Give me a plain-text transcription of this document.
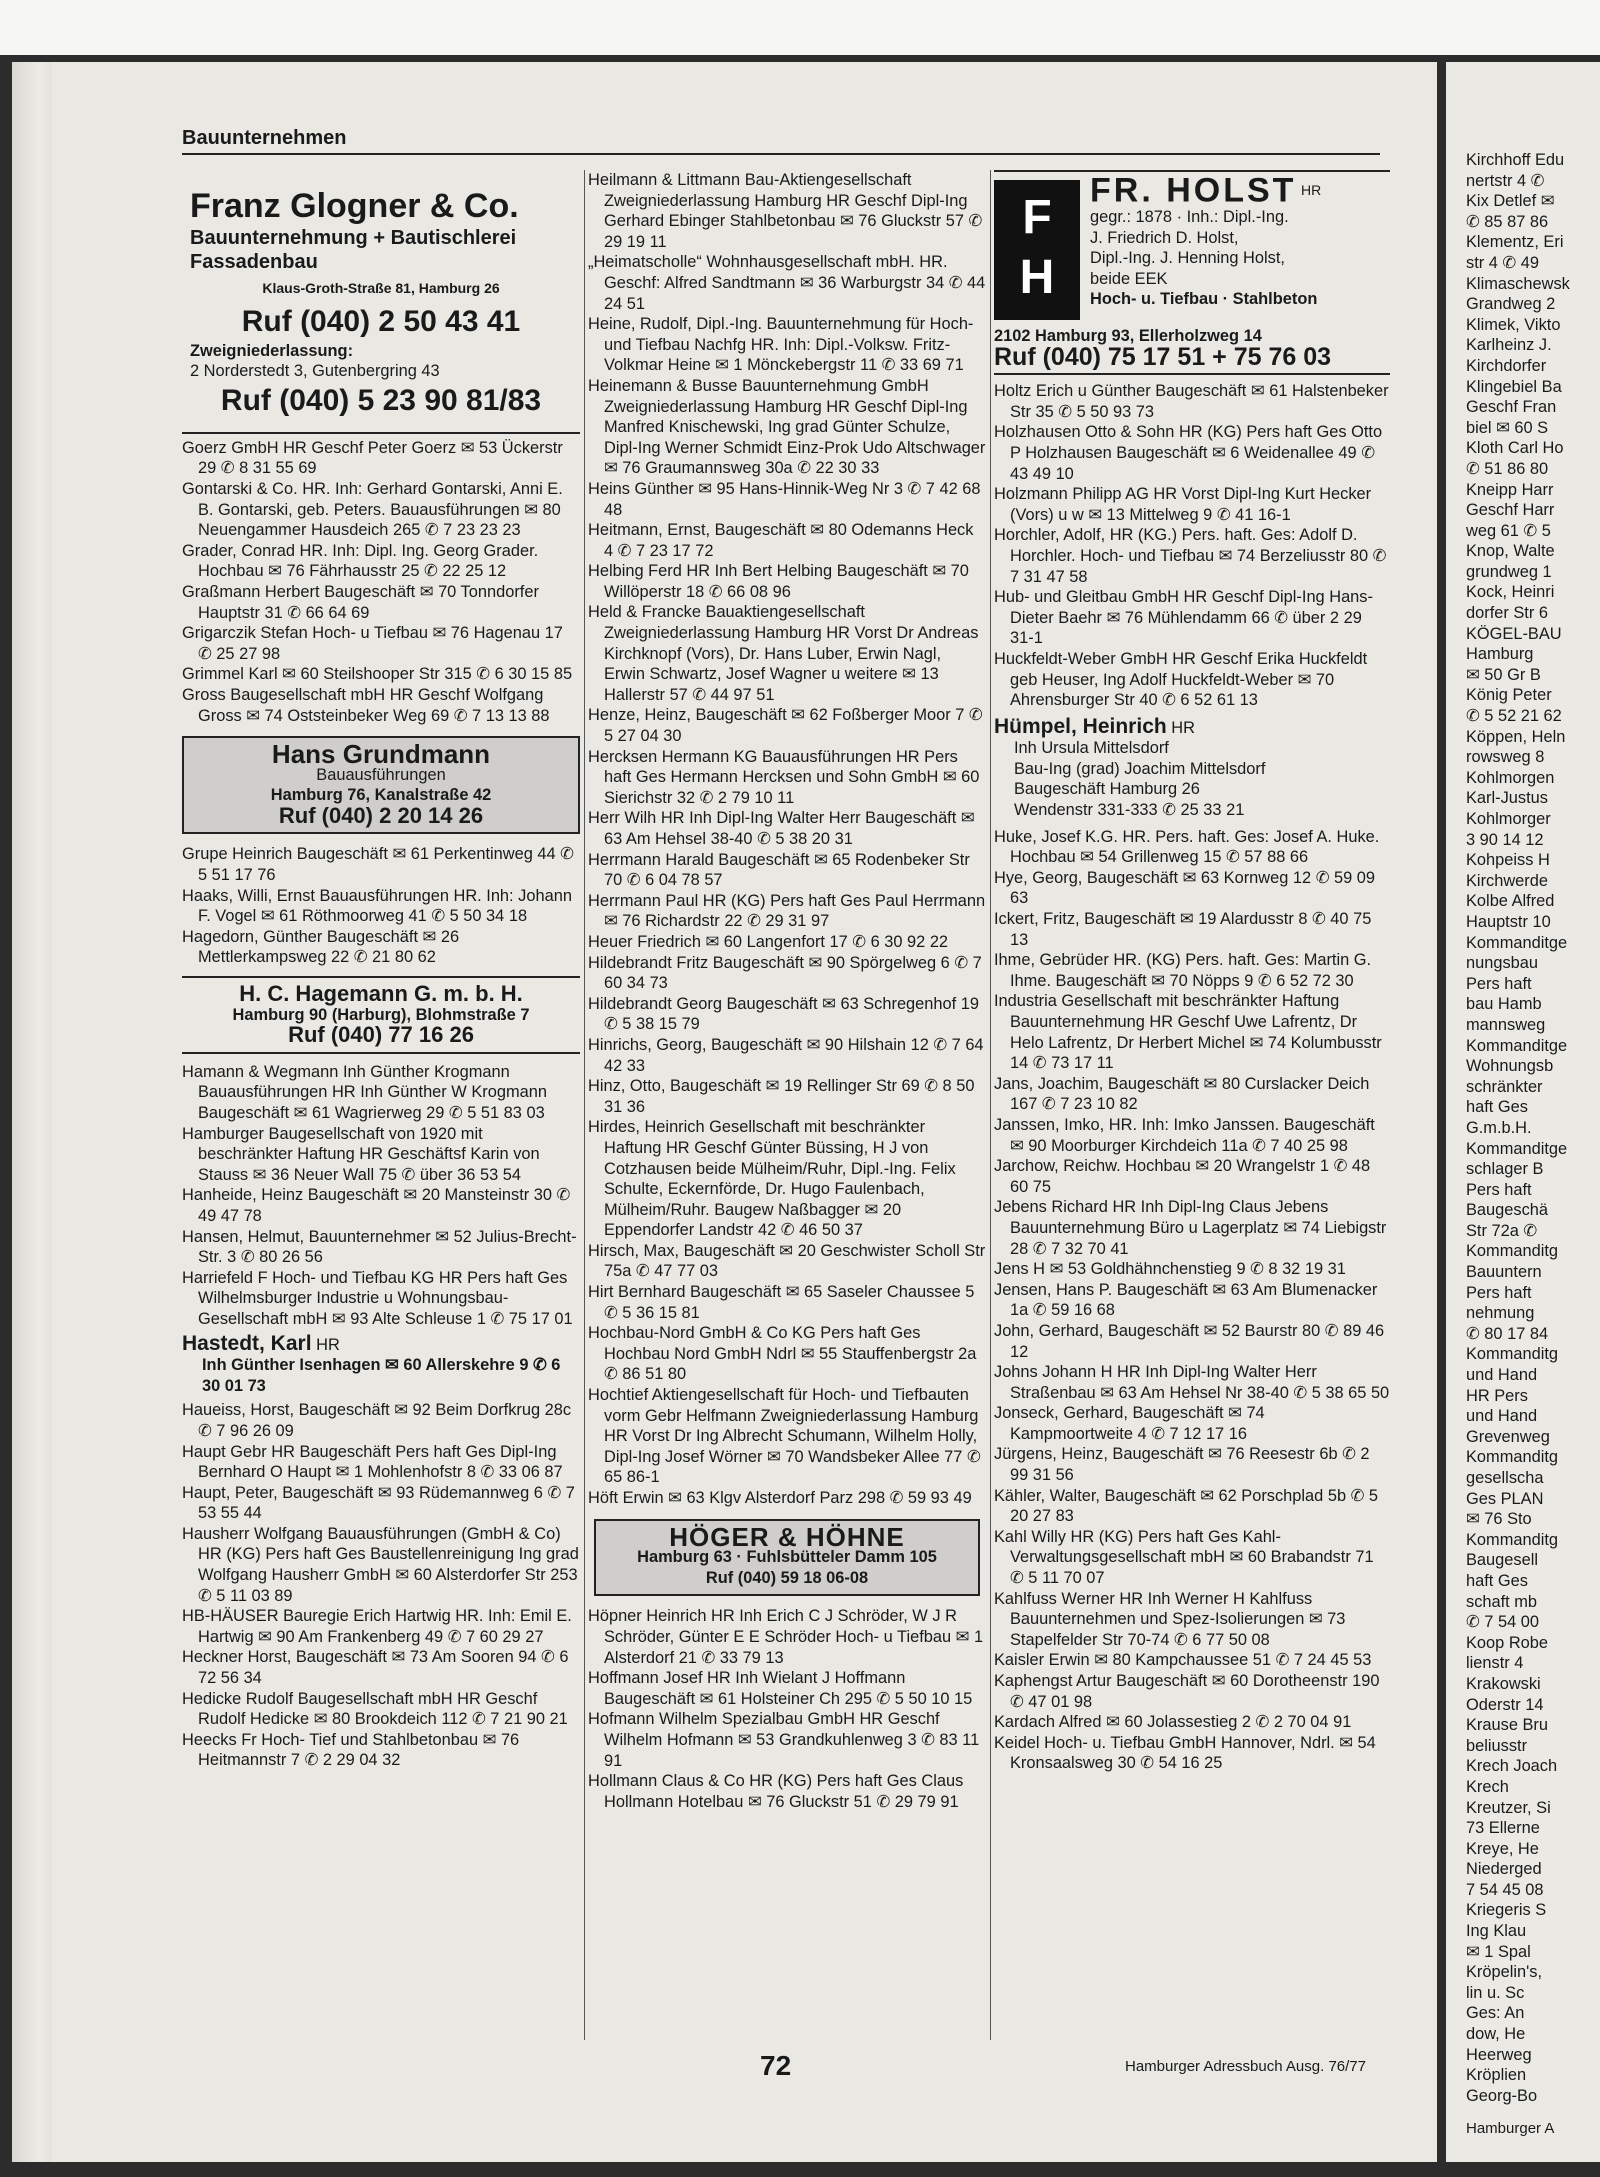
Bauunternehmen
Franz Glogner & Co.
Bauunternehmung + Bautischlerei
Fassadenbau
Klaus-Groth-Straße 81, Hamburg 26
Ruf (040) 2 50 43 41
Zweigniederlassung:
2 Norderstedt 3, Gutenbergring 43
Ruf (040) 5 23 90 81/83
Goerz GmbH HR Geschf Peter Goerz ✉ 53 Ückerstr 29 ✆ 8 31 55 69
Gontarski & Co. HR. Inh: Gerhard Gontarski, Anni E. B. Gontarski, geb. Peters. Bauausführungen ✉ 80 Neuengammer Hausdeich 265 ✆ 7 23 23 23
Grader, Conrad HR. Inh: Dipl. Ing. Georg Grader. Hochbau ✉ 76 Fährhausstr 25 ✆ 22 25 12
Graßmann Herbert Baugeschäft ✉ 70 Tonndorfer Hauptstr 31 ✆ 66 64 69
Grigarczik Stefan Hoch- u Tiefbau ✉ 76 Hagenau 17 ✆ 25 27 98
Grimmel Karl ✉ 60 Steilshooper Str 315 ✆ 6 30 15 85
Gross Baugesellschaft mbH HR Geschf Wolfgang Gross ✉ 74 Oststeinbeker Weg 69 ✆ 7 13 13 88
Hans Grundmann
Bauausführungen
Hamburg 76, Kanalstraße 42
Ruf (040) 2 20 14 26
Grupe Heinrich Baugeschäft ✉ 61 Perkentinweg 44 ✆ 5 51 17 76
Haaks, Willi, Ernst Bauausführungen HR. Inh: Johann F. Vogel ✉ 61 Röthmoorweg 41 ✆ 5 50 34 18
Hagedorn, Günther Baugeschäft ✉ 26 Mettlerkampsweg 22 ✆ 21 80 62
H. C. Hagemann G. m. b. H.
Hamburg 90 (Harburg), Blohmstraße 7
Ruf (040) 77 16 26
Hamann & Wegmann Inh Günther Krogmann Bauausführungen HR Inh Günther W Krogmann Baugeschäft ✉ 61 Wagrierweg 29 ✆ 5 51 83 03
Hamburger Baugesellschaft von 1920 mit beschränkter Haftung HR Geschäftsf Karin von Stauss ✉ 36 Neuer Wall 75 ✆ über 36 53 54
Hanheide, Heinz Baugeschäft ✉ 20 Mansteinstr 30 ✆ 49 47 78
Hansen, Helmut, Bauunternehmer ✉ 52 Julius-Brecht-Str. 3 ✆ 80 26 56
Harriefeld F Hoch- und Tiefbau KG HR Pers haft Ges Wilhelmsburger Industrie u Wohnungsbau-Gesellschaft mbH ✉ 93 Alte Schleuse 1 ✆ 75 17 01
Hastedt, Karl HR
Inh Günther Isenhagen ✉ 60 Allerskehre 9 ✆ 6 30 01 73
Haueiss, Horst, Baugeschäft ✉ 92 Beim Dorfkrug 28c ✆ 7 96 26 09
Haupt Gebr HR Baugeschäft Pers haft Ges Dipl-Ing Bernhard O Haupt ✉ 1 Mohlenhofstr 8 ✆ 33 06 87
Haupt, Peter, Baugeschäft ✉ 93 Rüdemannweg 6 ✆ 7 53 55 44
Hausherr Wolfgang Bauausführungen (GmbH & Co) HR (KG) Pers haft Ges Baustellenreinigung Ing grad Wolfgang Hausherr GmbH ✉ 60 Alsterdorfer Str 253 ✆ 5 11 03 89
HB-HÄUSER Bauregie Erich Hartwig HR. Inh: Emil E. Hartwig ✉ 90 Am Frankenberg 49 ✆ 7 60 29 27
Heckner Horst, Baugeschäft ✉ 73 Am Sooren 94 ✆ 6 72 56 34
Hedicke Rudolf Baugesellschaft mbH HR Geschf Rudolf Hedicke ✉ 80 Brookdeich 112 ✆ 7 21 90 21
Heecks Fr Hoch- Tief und Stahlbetonbau ✉ 76 Heitmannstr 7 ✆ 2 29 04 32
Heilmann & Littmann Bau-Aktiengesellschaft Zweigniederlassung Hamburg HR Geschf Dipl-Ing Gerhard Ebinger Stahlbetonbau ✉ 76 Gluckstr 57 ✆ 29 19 11
„Heimatscholle“ Wohnhausgesellschaft mbH. HR. Geschf: Alfred Sandtmann ✉ 36 Warburgstr 34 ✆ 44 24 51
Heine, Rudolf, Dipl.-Ing. Bauunternehmung für Hoch- und Tiefbau Nachfg HR. Inh: Dipl.-Volksw. Fritz-Volkmar Heine ✉ 1 Mönckebergstr 11 ✆ 33 69 71
Heinemann & Busse Bauunternehmung GmbH Zweigniederlassung Hamburg HR Geschf Dipl-Ing Manfred Knischewski, Ing grad Günter Schulze, Dipl-Ing Werner Schmidt Einz-Prok Udo Altschwager ✉ 76 Graumannsweg 30a ✆ 22 30 33
Heins Günther ✉ 95 Hans-Hinnik-Weg Nr 3 ✆ 7 42 68 48
Heitmann, Ernst, Baugeschäft ✉ 80 Odemanns Heck 4 ✆ 7 23 17 72
Helbing Ferd HR Inh Bert Helbing Baugeschäft ✉ 70 Willöperstr 18 ✆ 66 08 96
Held & Francke Bauaktiengesellschaft Zweigniederlassung Hamburg HR Vorst Dr Andreas Kirchknopf (Vors), Dr. Hans Luber, Erwin Nagl, Erwin Schwartz, Josef Wagner u weitere ✉ 13 Hallerstr 57 ✆ 44 97 51
Henze, Heinz, Baugeschäft ✉ 62 Foßberger Moor 7 ✆ 5 27 04 30
Hercksen Hermann KG Bauausführungen HR Pers haft Ges Hermann Hercksen und Sohn GmbH ✉ 60 Sierichstr 32 ✆ 2 79 10 11
Herr Wilh HR Inh Dipl-Ing Walter Herr Baugeschäft ✉ 63 Am Hehsel 38-40 ✆ 5 38 20 31
Herrmann Harald Baugeschäft ✉ 65 Rodenbeker Str 70 ✆ 6 04 78 57
Herrmann Paul HR (KG) Pers haft Ges Paul Herrmann ✉ 76 Richardstr 22 ✆ 29 31 97
Heuer Friedrich ✉ 60 Langenfort 17 ✆ 6 30 92 22
Hildebrandt Fritz Baugeschäft ✉ 90 Spörgelweg 6 ✆ 7 60 34 73
Hildebrandt Georg Baugeschäft ✉ 63 Schregenhof 19 ✆ 5 38 15 79
Hinrichs, Georg, Baugeschäft ✉ 90 Hilshain 12 ✆ 7 64 42 33
Hinz, Otto, Baugeschäft ✉ 19 Rellinger Str 69 ✆ 8 50 31 36
Hirdes, Heinrich Gesellschaft mit beschränkter Haftung HR Geschf Günter Büssing, H J von Cotzhausen beide Mülheim/Ruhr, Dipl.-Ing. Felix Schulte, Eckernförde, Dr. Hugo Faulenbach, Mülheim/Ruhr. Baugew Naßbagger ✉ 20 Eppendorfer Landstr 42 ✆ 46 50 37
Hirsch, Max, Baugeschäft ✉ 20 Geschwister Scholl Str 75a ✆ 47 77 03
Hirt Bernhard Baugeschäft ✉ 65 Saseler Chaussee 5 ✆ 5 36 15 81
Hochbau-Nord GmbH & Co KG Pers haft Ges Hochbau Nord GmbH Ndrl ✉ 55 Stauffenbergstr 2a ✆ 86 51 80
Hochtief Aktiengesellschaft für Hoch- und Tiefbauten vorm Gebr Helfmann Zweigniederlassung Hamburg HR Vorst Dr Ing Albrecht Schumann, Wilhelm Holly, Dipl-Ing Josef Wörner ✉ 70 Wandsbeker Allee 77 ✆ 65 86-1
Höft Erwin ✉ 63 Klgv Alsterdorf Parz 298 ✆ 59 93 49
HÖGER & HÖHNE
Hamburg 63 · Fuhlsbütteler Damm 105
Ruf (040) 59 18 06-08
Höpner Heinrich HR Inh Erich C J Schröder, W J R Schröder, Günter E E Schröder Hoch- u Tiefbau ✉ 1 Alsterdorf 21 ✆ 33 79 13
Hoffmann Josef HR Inh Wielant J Hoffmann Baugeschäft ✉ 61 Holsteiner Ch 295 ✆ 5 50 10 15
Hofmann Wilhelm Spezialbau GmbH HR Geschf Wilhelm Hofmann ✉ 53 Grandkuhlenweg 3 ✆ 83 11 91
Hollmann Claus & Co HR (KG) Pers haft Ges Claus Hollmann Hotelbau ✉ 76 Gluckstr 51 ✆ 29 79 91
F
H
FR. HOLST $^{HR}$
gegr.: 1878 · Inh.: Dipl.-Ing.
J. Friedrich D. Holst,
Dipl.-Ing. J. Henning Holst,
beide EEK
Hoch- u. Tiefbau · Stahlbeton
2102 Hamburg 93, Ellerholzweg 14
Ruf (040) 75 17 51 + 75 76 03
Holtz Erich u Günther Baugeschäft ✉ 61 Halstenbeker Str 35 ✆ 5 50 93 73
Holzhausen Otto & Sohn HR (KG) Pers haft Ges Otto P Holzhausen Baugeschäft ✉ 6 Weidenallee 49 ✆ 43 49 10
Holzmann Philipp AG HR Vorst Dipl-Ing Kurt Hecker (Vors) u w ✉ 13 Mittelweg 9 ✆ 41 16-1
Horchler, Adolf, HR (KG.) Pers. haft. Ges: Adolf D. Horchler. Hoch- und Tiefbau ✉ 74 Berzeliusstr 80 ✆ 7 31 47 58
Hub- und Gleitbau GmbH HR Geschf Dipl-Ing Hans-Dieter Baehr ✉ 76 Mühlendamm 66 ✆ über 2 29 31-1
Huckfeldt-Weber GmbH HR Geschf Erika Huckfeldt geb Heuser, Ing Adolf Huckfeldt-Weber ✉ 70 Ahrensburger Str 40 ✆ 6 52 61 13
Hümpel, Heinrich HR
Inh Ursula Mittelsdorf
Bau-Ing (grad) Joachim Mittelsdorf
Baugeschäft Hamburg 26
Wendenstr 331-333 ✆ 25 33 21
Huke, Josef K.G. HR. Pers. haft. Ges: Josef A. Huke. Hochbau ✉ 54 Grillenweg 15 ✆ 57 88 66
Hye, Georg, Baugeschäft ✉ 63 Kornweg 12 ✆ 59 09 63
Ickert, Fritz, Baugeschäft ✉ 19 Alardusstr 8 ✆ 40 75 13
Ihme, Gebrüder HR. (KG) Pers. haft. Ges: Martin G. Ihme. Baugeschäft ✉ 70 Nöpps 9 ✆ 6 52 72 30
Industria Gesellschaft mit beschränkter Haftung Bauunternehmung HR Geschf Uwe Lafrentz, Dr Helo Lafrentz, Dr Herbert Michel ✉ 74 Kolumbusstr 14 ✆ 73 17 11
Jans, Joachim, Baugeschäft ✉ 80 Curslacker Deich 167 ✆ 7 23 10 82
Janssen, Imko, HR. Inh: Imko Janssen. Baugeschäft ✉ 90 Moorburger Kirchdeich 11a ✆ 7 40 25 98
Jarchow, Reichw. Hochbau ✉ 20 Wrangelstr 1 ✆ 48 60 75
Jebens Richard HR Inh Dipl-Ing Claus Jebens Bauunternehmung Büro u Lagerplatz ✉ 74 Liebigstr 28 ✆ 7 32 70 41
Jens H ✉ 53 Goldhähnchenstieg 9 ✆ 8 32 19 31
Jensen, Hans P. Baugeschäft ✉ 63 Am Blumenacker 1a ✆ 59 16 68
John, Gerhard, Baugeschäft ✉ 52 Baurstr 80 ✆ 89 46 12
Johns Johann H HR Inh Dipl-Ing Walter Herr Straßenbau ✉ 63 Am Hehsel Nr 38-40 ✆ 5 38 65 50
Jonseck, Gerhard, Baugeschäft ✉ 74 Kampmoortweite 4 ✆ 7 12 17 16
Jürgens, Heinz, Baugeschäft ✉ 76 Reesestr 6b ✆ 2 99 31 56
Kähler, Walter, Baugeschäft ✉ 62 Porschplad 5b ✆ 5 20 27 83
Kahl Willy HR (KG) Pers haft Ges Kahl-Verwaltungsgesellschaft mbH ✉ 60 Brabandstr 71 ✆ 5 11 70 07
Kahlfuss Werner HR Inh Werner H Kahlfuss Bauunternehmen und Spez-Isolierungen ✉ 73 Stapelfelder Str 70-74 ✆ 6 77 50 08
Kaisler Erwin ✉ 80 Kampchaussee 51 ✆ 7 24 45 53
Kaphengst Artur Baugeschäft ✉ 60 Dorotheenstr 190 ✆ 47 01 98
Kardach Alfred ✉ 60 Jolassestieg 2 ✆ 2 70 04 91
Keidel Hoch- u. Tiefbau GmbH Hannover, Ndrl. ✉ 54 Kronsaalsweg 30 ✆ 54 16 25
72	Hamburger Adressbuch Ausg. 76/77
Kirchhoff Edu
nertstr 4 ✆
Kix Detlef ✉
✆ 85 87 86
Klementz, Eri
str 4 ✆ 49
Klimaschewsk
Grandweg 2
Klimek, Vikto
Karlheinz J.
Kirchdorfer
Klingebiel Ba
Geschf Fran
biel ✉ 60 S
Kloth Carl Ho
✆ 51 86 80
Kneipp Harr
Geschf Harr
weg 61 ✆ 5
Knop, Walte
grundweg 1
Kock, Heinri
dorfer Str 6
KÖGEL-BAU
Hamburg
✉ 50 Gr B
König Peter
✆ 5 52 21 62
Köppen, Heln
rowsweg 8
Kohlmorgen
Karl-Justus
Kohlmorger
3 90 14 12
Kohpeiss H
Kirchwerde
Kolbe Alfred
Hauptstr 10
Kommanditge
nungsbau
Pers haft
bau Hamb
mannsweg
Kommanditge
Wohnungsb
schränkter
haft Ges
G.m.b.H.
Kommanditge
schlager B
Pers haft
Baugeschä
Str 72a ✆
Kommanditg
Bauuntern
Pers haft
nehmung
✆ 80 17 84
Kommanditg
und Hand
HR Pers
und Hand
Grevenweg
Kommanditg
gesellscha
Ges PLAN
✉ 76 Sto
Kommanditg
Baugesell
haft Ges
schaft mb
✆ 7 54 00
Koop Robe
lienstr 4
Krakowski
Oderstr 14
Krause Bru
beliusstr
Krech Joach
Krech
Kreutzer, Si
73 Ellerne
Kreye, He
Niederged
7 54 45 08
Kriegeris S
Ing Klau
✉ 1 Spal
Kröpelin's,
lin u. Sc
Ges: An
dow, He
Heerweg
Kröplien
Georg-Bo
Hamburger A
